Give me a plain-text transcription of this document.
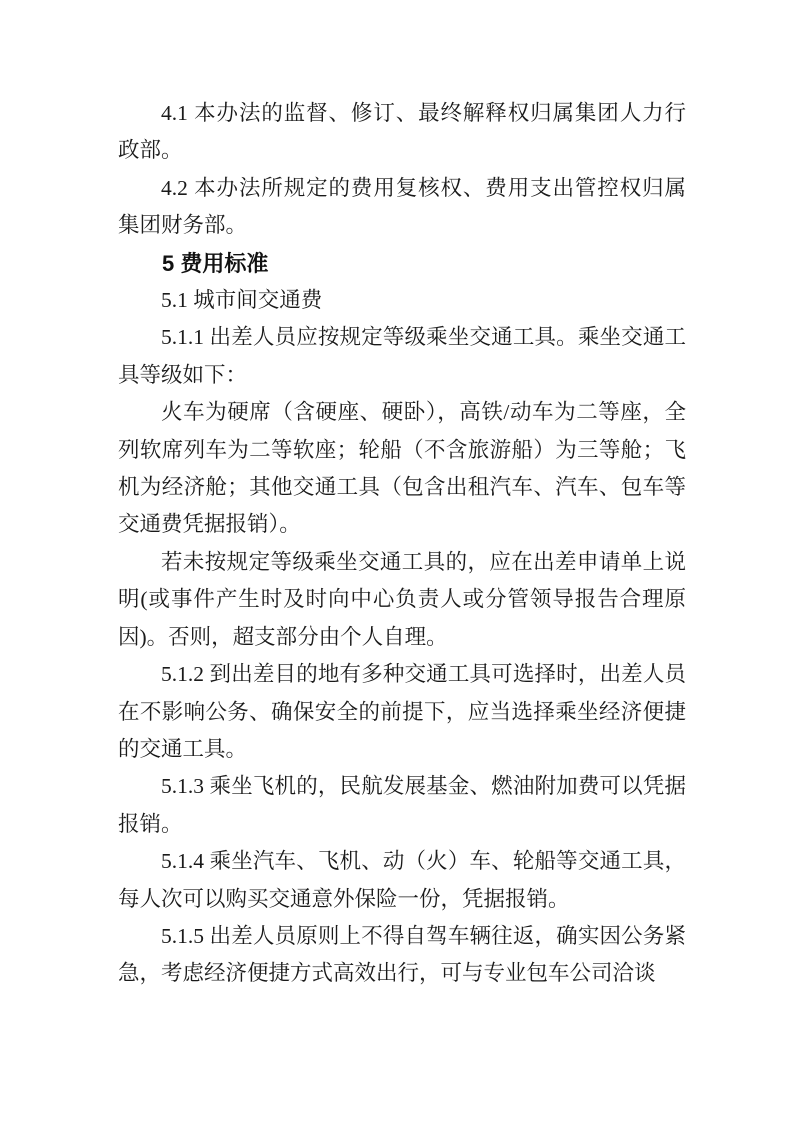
4.1 本办法的监督、修订、最终解释权归属集团人力行政部。

4.2 本办法所规定的费用复核权、费用支出管控权归属集团财务部。

5 费用标准

5.1 城市间交通费

5.1.1 出差人员应按规定等级乘坐交通工具。乘坐交通工具等级如下：

火车为硬席（含硬座、硬卧），高铁/动车为二等座，全列软席列车为二等软座；轮船（不含旅游船）为三等舱；飞机为经济舱；其他交通工具（包含出租汽车、汽车、包车等交通费凭据报销）。

若未按规定等级乘坐交通工具的，应在出差申请单上说明(或事件产生时及时向中心负责人或分管领导报告合理原因)。否则，超支部分由个人自理。

5.1.2 到出差目的地有多种交通工具可选择时，出差人员在不影响公务、确保安全的前提下，应当选择乘坐经济便捷的交通工具。

5.1.3 乘坐飞机的，民航发展基金、燃油附加费可以凭据报销。

5.1.4 乘坐汽车、飞机、动（火）车、轮船等交通工具，每人次可以购买交通意外保险一份，凭据报销。

5.1.5 出差人员原则上不得自驾车辆往返，确实因公务紧急，考虑经济便捷方式高效出行，可与专业包车公司洽谈
